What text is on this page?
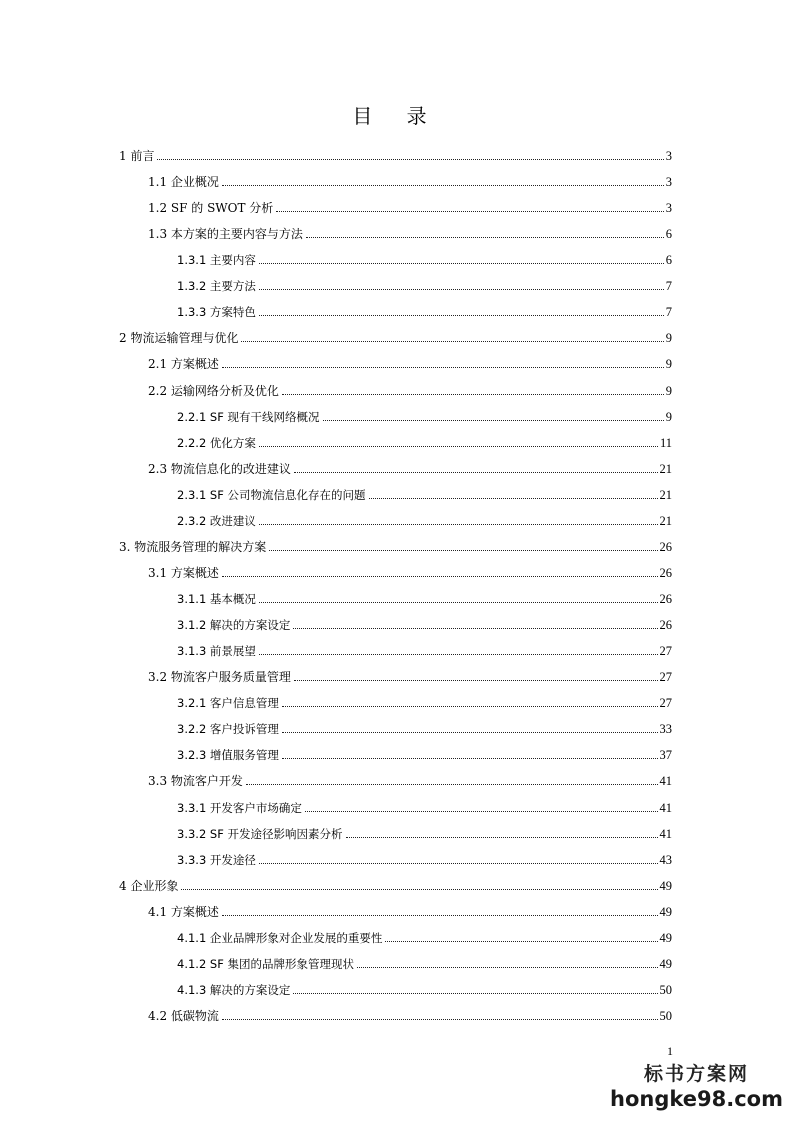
目 录
1 前言	3
1.1 企业概况	3
1.2 SF 的 SWOT 分析	3
1.3 本方案的主要内容与方法	6
1.3.1 主要内容	6
1.3.2 主要方法	7
1.3.3 方案特色	7
2 物流运输管理与优化	9
2.1 方案概述	9
2.2 运输网络分析及优化	9
2.2.1 SF 现有干线网络概况	9
2.2.2 优化方案	11
2.3 物流信息化的改进建议	21
2.3.1 SF 公司物流信息化存在的问题	21
2.3.2 改进建议	21
3. 物流服务管理的解决方案	26
3.1 方案概述	26
3.1.1 基本概况	26
3.1.2 解决的方案设定	26
3.1.3 前景展望	27
3.2 物流客户服务质量管理	27
3.2.1 客户信息管理	27
3.2.2 客户投诉管理	33
3.2.3 增值服务管理	37
3.3 物流客户开发	41
3.3.1 开发客户市场确定	41
3.3.2 SF 开发途径影响因素分析	41
3.3.3 开发途径	43
4 企业形象	49
4.1 方案概述	49
4.1.1 企业品牌形象对企业发展的重要性	49
4.1.2 SF 集团的品牌形象管理现状	49
4.1.3 解决的方案设定	50
4.2 低碳物流	50
1
标书方案网
hongke98.com
